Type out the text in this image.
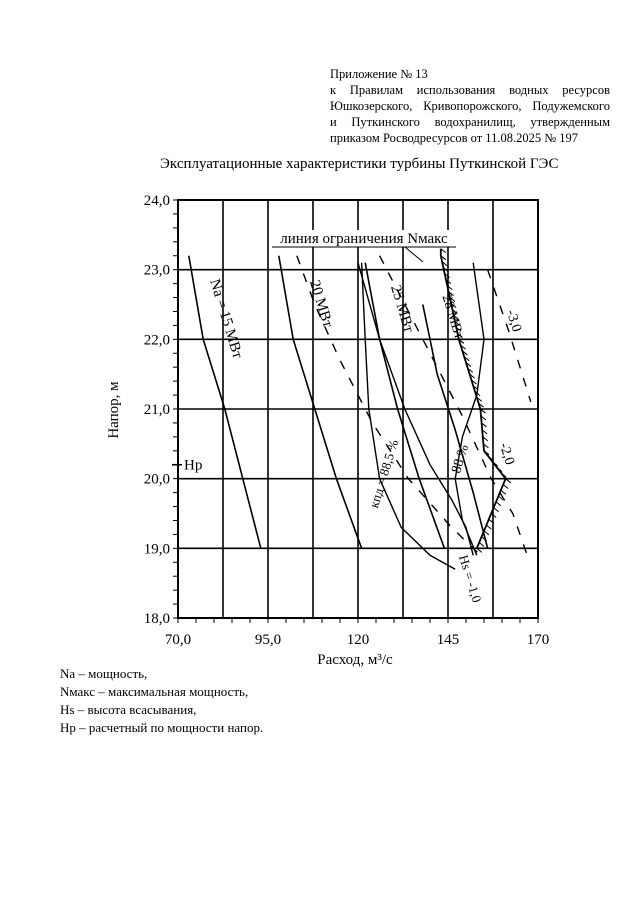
Приложение № 13
к Правилам использования водных ресурсов
Юшкозерского, Кривопорожского, Подужемского
и Путкинского водохранилищ, утвержденным
приказом Росводресурсов от 11.08.2025 № 197
Эксплуатационные характеристики турбины Путкинской ГЭС
Na = 15 МВт	20 МВт	25 МВт 28 МВт
кпд = 88,5 %	88 %
Hs = -1,0
-2,0
-3,0
линия ограничения Nмакс
Hp
70,0	95,0	120	145	170
18,0
19,0
20,0
21,0
22,0
23,0
24,0
Расход, м³/с
Напор, м
Na – мощность,
Nмакс – максимальная мощность,
Hs – высота всасывания,
Hp – расчетный по мощности напор.
